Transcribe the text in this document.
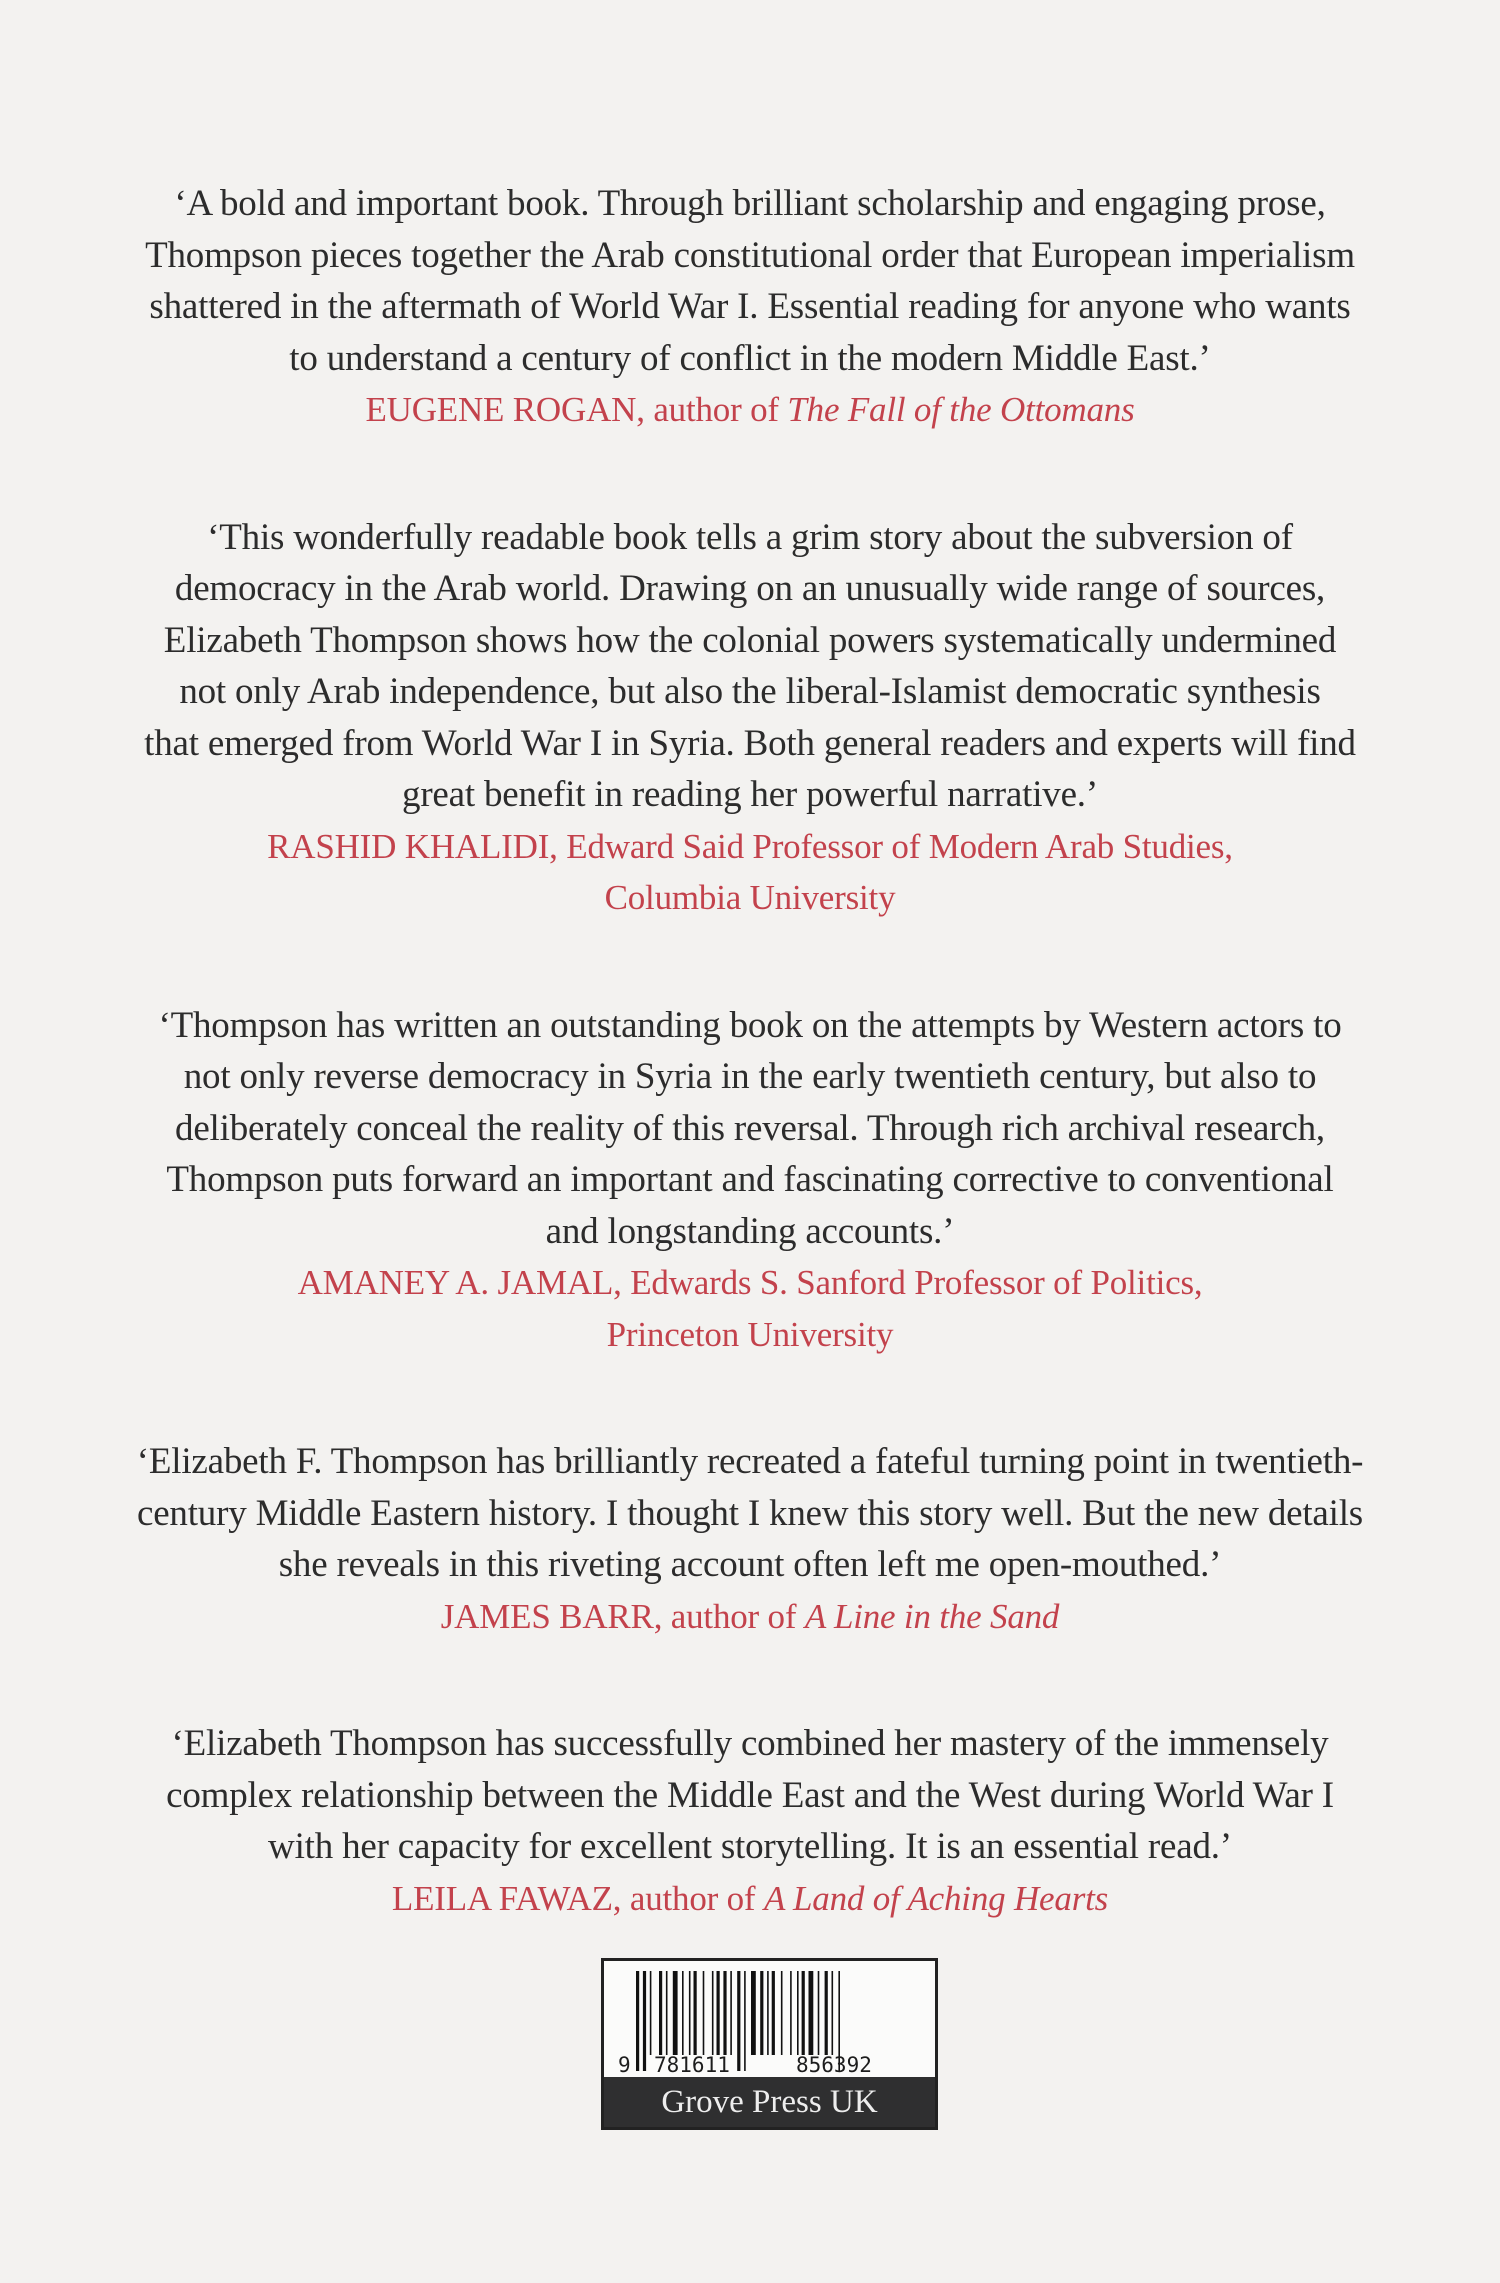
‘A bold and important book. Through brilliant scholarship and engaging prose,
Thompson pieces together the Arab constitutional order that European imperialism
shattered in the aftermath of World War I. Essential reading for anyone who wants
to understand a century of conflict in the modern Middle East.’
EUGENE ROGAN, author of The Fall of the Ottomans
‘This wonderfully readable book tells a grim story about the subversion of
democracy in the Arab world. Drawing on an unusually wide range of sources,
Elizabeth Thompson shows how the colonial powers systematically undermined
not only Arab independence, but also the liberal-Islamist democratic synthesis
that emerged from World War I in Syria. Both general readers and experts will find
great benefit in reading her powerful narrative.’
RASHID KHALIDI, Edward Said Professor of Modern Arab Studies,
Columbia University
‘Thompson has written an outstanding book on the attempts by Western actors to
not only reverse democracy in Syria in the early twentieth century, but also to
deliberately conceal the reality of this reversal. Through rich archival research,
Thompson puts forward an important and fascinating corrective to conventional
and longstanding accounts.’
AMANEY A. JAMAL, Edwards S. Sanford Professor of Politics,
Princeton University
‘Elizabeth F. Thompson has brilliantly recreated a fateful turning point in twentieth-
century Middle Eastern history. I thought I knew this story well. But the new details
she reveals in this riveting account often left me open-mouthed.’
JAMES BARR, author of A Line in the Sand
‘Elizabeth Thompson has successfully combined her mastery of the immensely
complex relationship between the Middle East and the West during World War I
with her capacity for excellent storytelling. It is an essential read.’
LEILA FAWAZ, author of A Land of Aching Hearts
9 781611	856392
Grove Press UK
